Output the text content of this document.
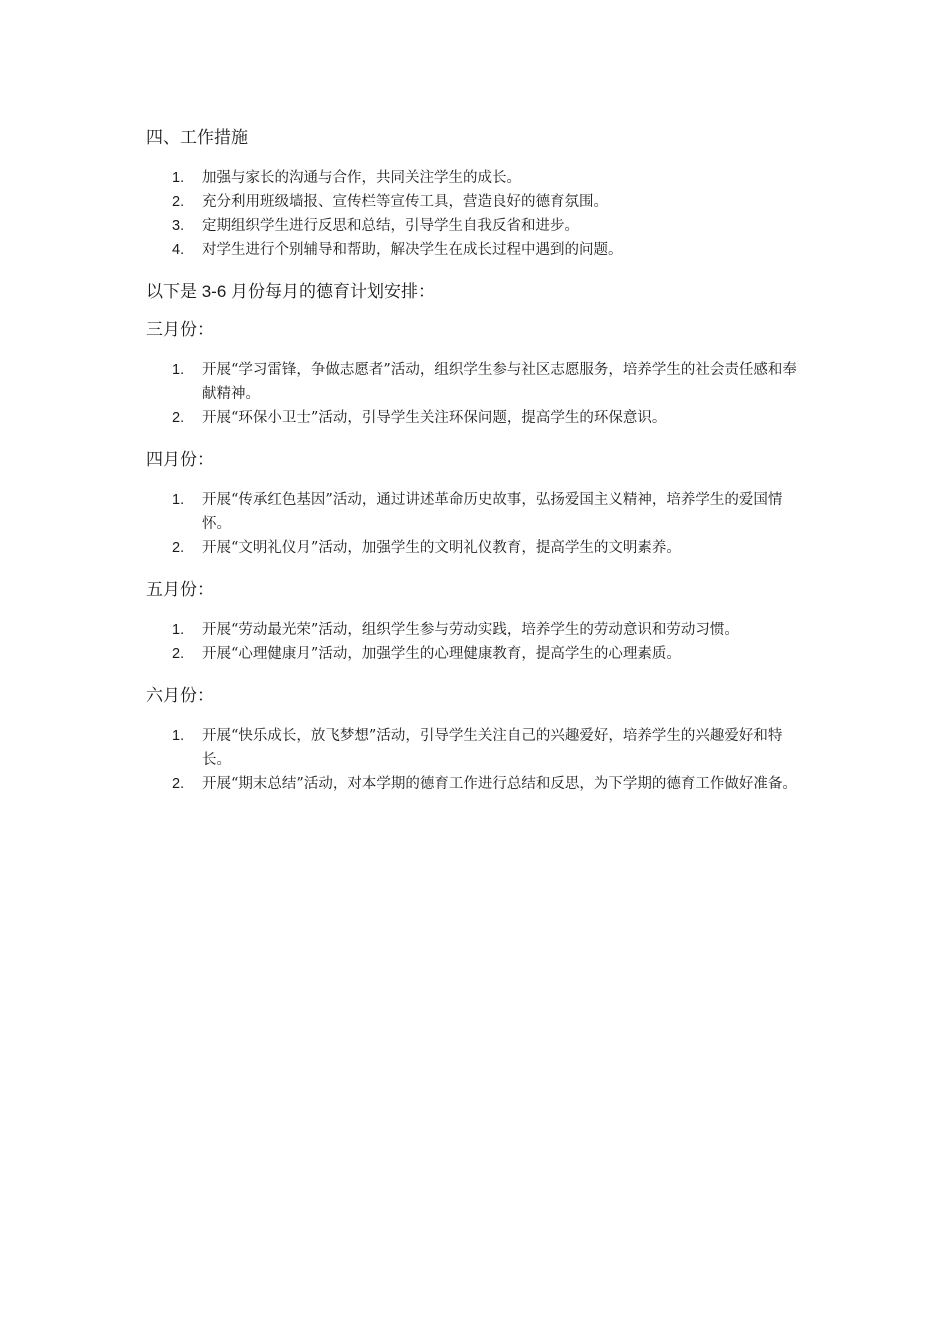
四、工作措施

1. 加强与家长的沟通与合作，共同关注学生的成长。
2. 充分利用班级墙报、宣传栏等宣传工具，营造良好的德育氛围。
3. 定期组织学生进行反思和总结，引导学生自我反省和进步。
4. 对学生进行个别辅导和帮助，解决学生在成长过程中遇到的问题。

以下是 3-6 月份每月的德育计划安排：

三月份：

1. 开展“学习雷锋，争做志愿者”活动，组织学生参与社区志愿服务，培养学生的社会责任感和奉献精神。
2. 开展“环保小卫士”活动，引导学生关注环保问题，提高学生的环保意识。

四月份：

1. 开展“传承红色基因”活动，通过讲述革命历史故事，弘扬爱国主义精神，培养学生的爱国情怀。
2. 开展“文明礼仪月”活动，加强学生的文明礼仪教育，提高学生的文明素养。

五月份：

1. 开展“劳动最光荣”活动，组织学生参与劳动实践，培养学生的劳动意识和劳动习惯。
2. 开展“心理健康月”活动，加强学生的心理健康教育，提高学生的心理素质。

六月份：

1. 开展“快乐成长，放飞梦想”活动，引导学生关注自己的兴趣爱好，培养学生的兴趣爱好和特长。
2. 开展“期末总结”活动，对本学期的德育工作进行总结和反思，为下学期的德育工作做好准备。
